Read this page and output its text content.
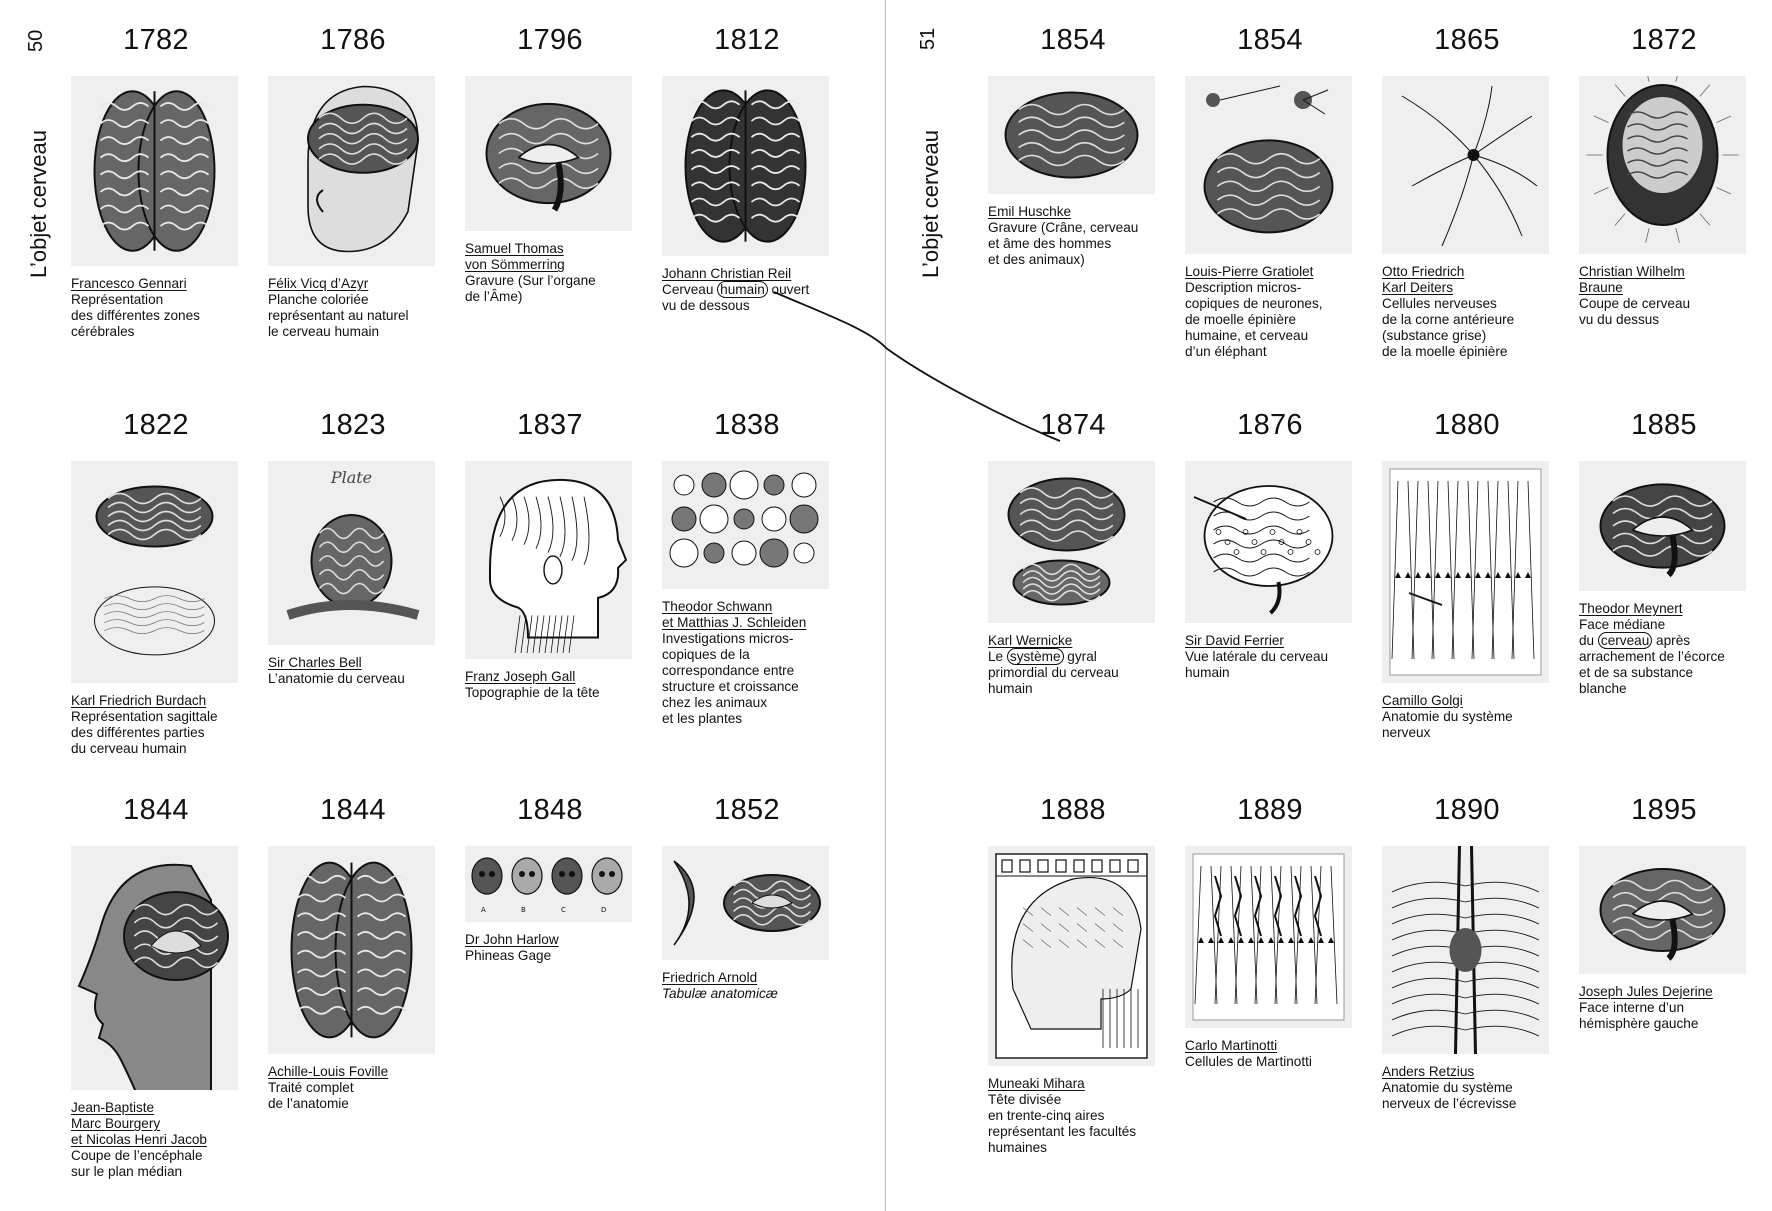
50
L’objet cerveau
51
L’objet cerveau
1782
Francesco Gennari
Représentation
des différentes zones
cérébrales
1786
Félix Vicq d’Azyr
Planche coloriée
représentant au naturel
le cerveau humain
1796
Samuel Thomas
von Sömmerring
Gravure (Sur l’organe
de l’Âme)
1812
Johann Christian Reil
Cerveau humain ouvert
vu de dessous
1822
Karl Friedrich Burdach
Représentation sagittale
des différentes parties
du cerveau humain
1823
Plate
Sir Charles Bell
L’anatomie du cerveau
1837
Franz Joseph Gall
Topographie de la tête
1838
Theodor Schwann
et Matthias J. Schleiden
Investigations micros-
copiques de la
correspondance entre
structure et croissance
chez les animaux
et les plantes
1844
Jean-Baptiste
Marc Bourgery
et Nicolas Henri Jacob
Coupe de l’encéphale
sur le plan médian
1844
Achille-Louis Foville
Traité complet
de l’anatomie
1848
A	B	C	D
Dr John Harlow
Phineas Gage
1852
Friedrich Arnold
Tabulæ anatomicæ
1854
Emil Huschke
Gravure (Crâne, cerveau
et âme des hommes
et des animaux)
1854
Louis-Pierre Gratiolet
Description micros-
copiques de neurones,
de moelle épinière
humaine, et cerveau
d’un éléphant
1865
Otto Friedrich
Karl Deiters
Cellules nerveuses
de la corne antérieure
(substance grise)
de la moelle épinière
1872
Christian Wilhelm
Braune
Coupe de cerveau
vu du dessus
1874
Karl Wernicke
Le système gyral
primordial du cerveau
humain
1876
Sir David Ferrier
Vue latérale du cerveau
humain
1880
Camillo Golgi
Anatomie du système
nerveux
1885
Theodor Meynert
Face médiane
du cerveau après
arrachement de l’écorce
et de sa substance
blanche
1888
Muneaki Mihara
Tête divisée
en trente-cinq aires
représentant les facultés
humaines
1889
Carlo Martinotti
Cellules de Martinotti
1890
Anders Retzius
Anatomie du système
nerveux de l’écrevisse
1895
Joseph Jules Dejerine
Face interne d’un
hémisphère gauche
